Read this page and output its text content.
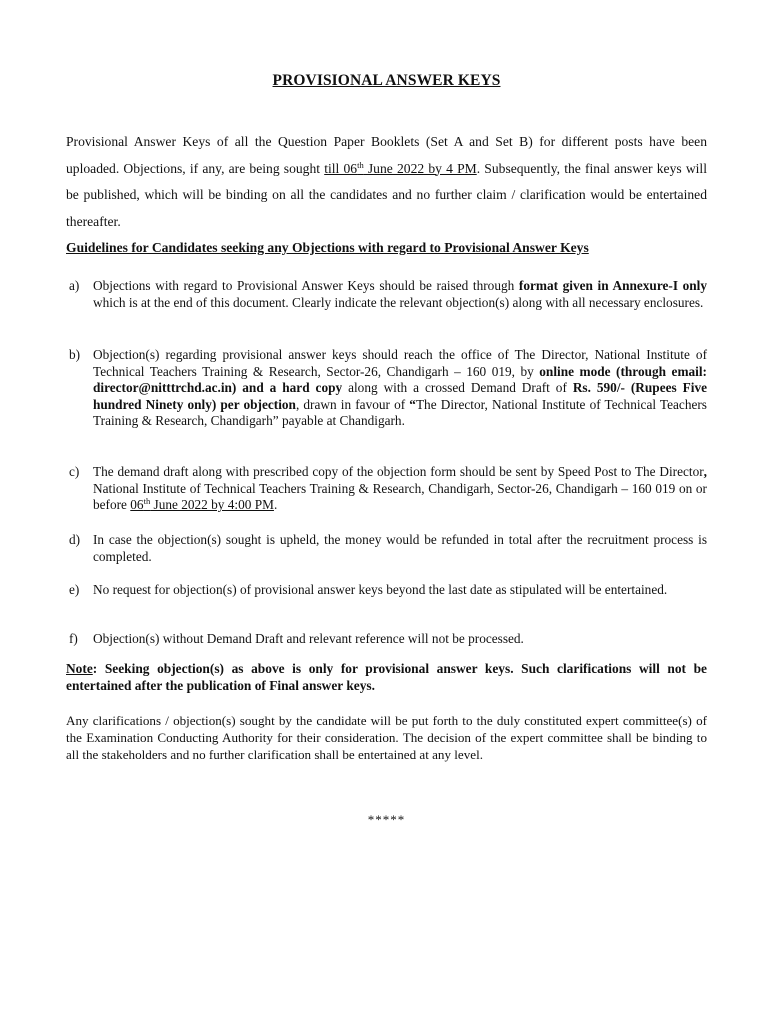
PROVISIONAL ANSWER KEYS
Provisional Answer Keys of all the Question Paper Booklets (Set A and Set B) for different posts have been uploaded. Objections, if any, are being sought till 06th June 2022 by 4 PM. Subsequently, the final answer keys will be published, which will be binding on all the candidates and no further claim / clarification would be entertained thereafter.
Guidelines for Candidates seeking any Objections with regard to Provisional Answer Keys
a) Objections with regard to Provisional Answer Keys should be raised through format given in Annexure-I only which is at the end of this document. Clearly indicate the relevant objection(s) along with all necessary enclosures.
b) Objection(s) regarding provisional answer keys should reach the office of The Director, National Institute of Technical Teachers Training & Research, Sector-26, Chandigarh – 160 019, by online mode (through email: director@nitttrchd.ac.in) and a hard copy along with a crossed Demand Draft of Rs. 590/- (Rupees Five hundred Ninety only) per objection, drawn in favour of “The Director, National Institute of Technical Teachers Training & Research, Chandigarh” payable at Chandigarh.
c) The demand draft along with prescribed copy of the objection form should be sent by Speed Post to The Director, National Institute of Technical Teachers Training & Research, Chandigarh, Sector-26, Chandigarh – 160 019 on or before 06th June 2022 by 4:00 PM.
d) In case the objection(s) sought is upheld, the money would be refunded in total after the recruitment process is completed.
e) No request for objection(s) of provisional answer keys beyond the last date as stipulated will be entertained.
f) Objection(s) without Demand Draft and relevant reference will not be processed.
Note: Seeking objection(s) as above is only for provisional answer keys. Such clarifications will not be entertained after the publication of Final answer keys.
Any clarifications / objection(s) sought by the candidate will be put forth to the duly constituted expert committee(s) of the Examination Conducting Authority for their consideration. The decision of the expert committee shall be binding to all the stakeholders and no further clarification shall be entertained at any level.
*****
